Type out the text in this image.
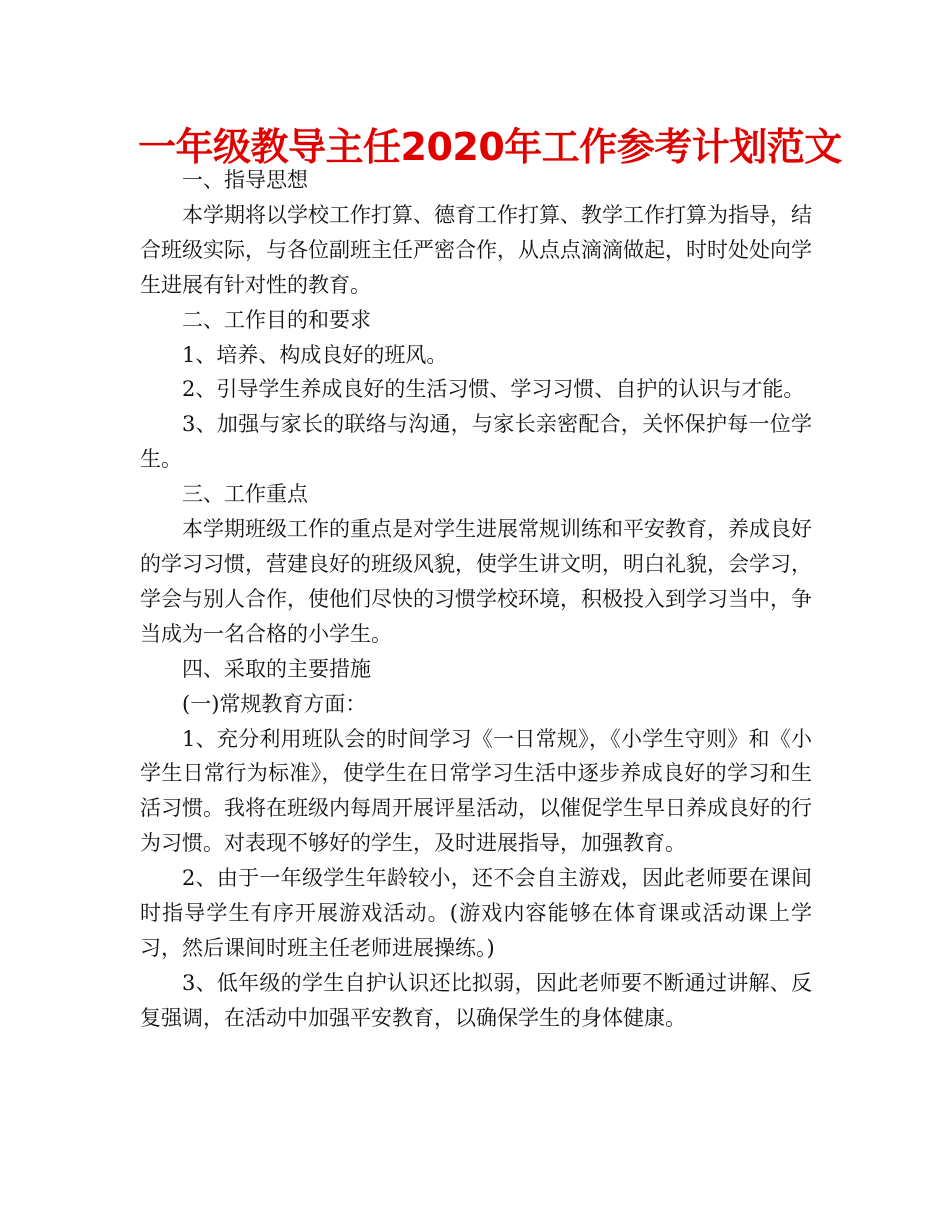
一年级教导主任2020年工作参考计划范文

一、指导思想

本学期将以学校工作打算、德育工作打算、教学工作打算为指导，结合班级实际，与各位副班主任严密合作，从点点滴滴做起，时时处处向学生进展有针对性的教育。

二、工作目的和要求

1、培养、构成良好的班风。

2、引导学生养成良好的生活习惯、学习习惯、自护的认识与才能。

3、加强与家长的联络与沟通，与家长亲密配合，关怀保护每一位学生。

三、工作重点

本学期班级工作的重点是对学生进展常规训练和平安教育，养成良好的学习习惯，营建良好的班级风貌，使学生讲文明，明白礼貌，会学习，学会与别人合作，使他们尽快的习惯学校环境，积极投入到学习当中，争当成为一名合格的小学生。

四、采取的主要措施

(一)常规教育方面：

1、充分利用班队会的时间学习《一日常规》，《小学生守则》和《小学生日常行为标准》，使学生在日常学习生活中逐步养成良好的学习和生活习惯。我将在班级内每周开展评星活动，以催促学生早日养成良好的行为习惯。对表现不够好的学生，及时进展指导，加强教育。

2、由于一年级学生年龄较小，还不会自主游戏，因此老师要在课间时指导学生有序开展游戏活动。(游戏内容能够在体育课或活动课上学习，然后课间时班主任老师进展操练。)

3、低年级的学生自护认识还比拟弱，因此老师要不断通过讲解、反复强调，在活动中加强平安教育，以确保学生的身体健康。
